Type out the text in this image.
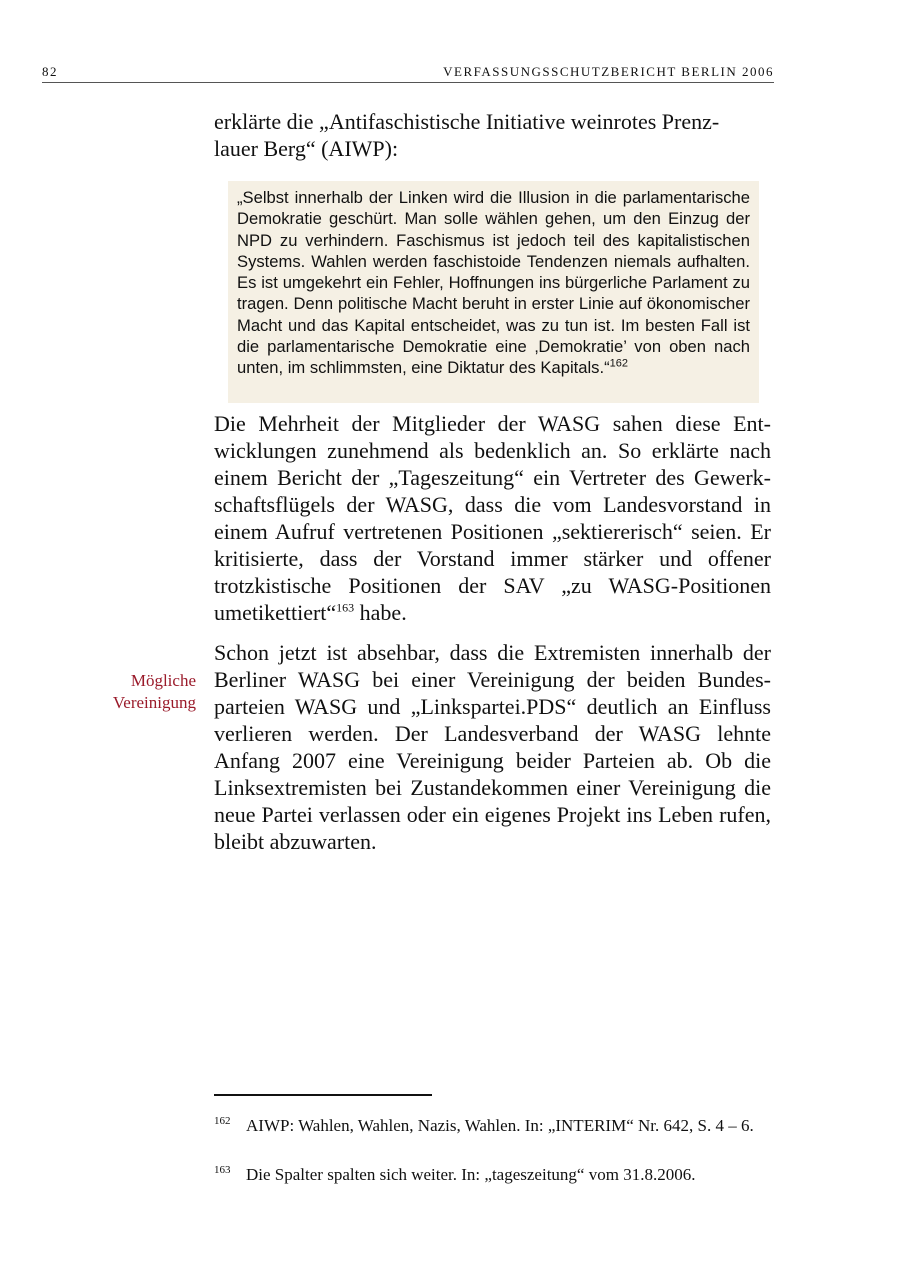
82	VERFASSUNGSSCHUTZBERICHT BERLIN 2006

erklärte die „Antifaschistische Initiative weinrotes Prenz-
lauer Berg“ (AIWP):

„Selbst innerhalb der Linken wird die Illusion in die parlamentarische Demokratie geschürt. Man solle wählen gehen, um den Einzug der NPD zu verhindern. Faschismus ist jedoch teil des kapitalistischen Systems. Wahlen werden faschistoide Tendenzen niemals aufhalten. Es ist umgekehrt ein Fehler, Hoffnungen ins bürgerliche Parlament zu tragen. Denn politische Macht beruht in erster Linie auf ökonomischer Macht und das Kapital entscheidet, was zu tun ist. Im besten Fall ist die parlamentarische Demokratie eine ‚Demokratie’ von oben nach unten, im schlimmsten, eine Diktatur des Kapitals.“$^{162}$

Die Mehrheit der Mitglieder der WASG sahen diese Entwicklungen zunehmend als bedenklich an. So erklärte nach einem Bericht der „Tageszeitung“ ein Vertreter des Gewerkschaftsflügels der WASG, dass die vom Landesvorstand in einem Aufruf vertretenen Positionen „sektiererisch“ seien. Er kritisierte, dass der Vorstand immer stärker und offener trotzkistische Positionen der SAV „zu WASG-Positionen umetikettiert“$^{163}$ habe.

Schon jetzt ist absehbar, dass die Extremisten innerhalb der Berliner WASG bei einer Vereinigung der beiden Bundesparteien WASG und „Linkspartei.PDS“ deutlich an Einfluss verlieren werden. Der Landesverband der WASG lehnte Anfang 2007 eine Vereinigung beider Parteien ab. Ob die Linksextremisten bei Zustandekommen einer Vereinigung die neue Partei verlassen oder ein eigenes Projekt ins Leben rufen, bleibt abzuwarten.

Mögliche
Vereinigung
162 AIWP: Wahlen, Wahlen, Nazis, Wahlen. In: „INTERIM“ Nr. 642, S. 4 – 6.
163 Die Spalter spalten sich weiter. In: „tageszeitung“ vom 31.8.2006.
